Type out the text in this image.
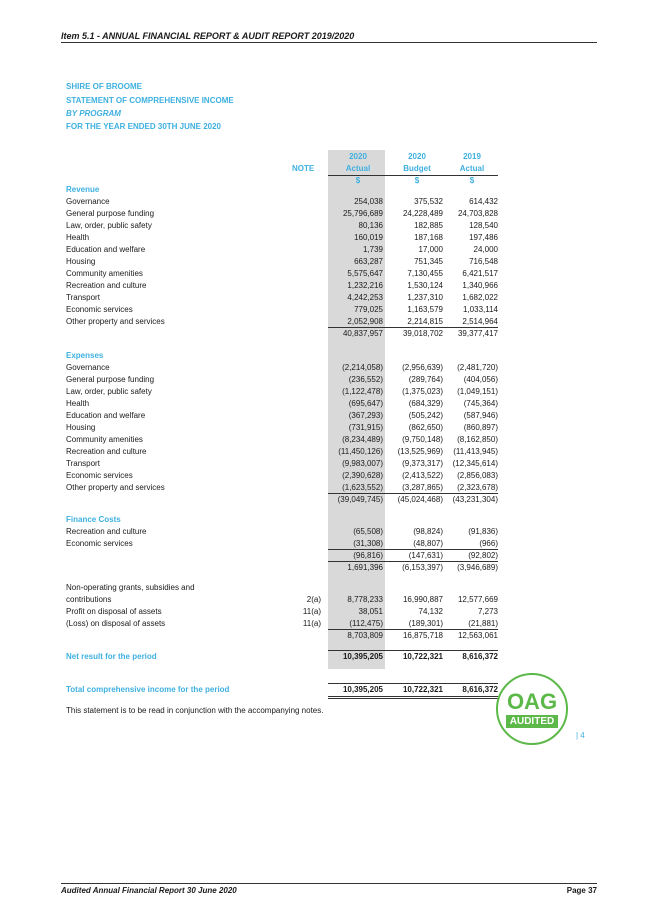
Item 5.1 - ANNUAL FINANCIAL REPORT & AUDIT REPORT 2019/2020
SHIRE OF BROOME
STATEMENT OF COMPREHENSIVE INCOME
BY PROGRAM
FOR THE YEAR ENDED 30TH JUNE 2020
2020	2020	2019
NOTE	Actual	Budget	Actual
$	$	$
Revenue
Governance	254,038	375,532	614,432
General purpose funding	25,796,689 24,228,489 24,703,828
Law, order, public safety	80,136	182,885	128,540
Health	160,019	187,168	197,486
Education and welfare	1,739	17,000	24,000
Housing	663,287	751,345	716,548
Community amenities	5,575,647	7,130,455 6,421,517
Recreation and culture	1,232,216	1,530,124 1,340,966
Transport	4,242,253	1,237,310 1,682,022
Economic services	779,025	1,163,579	1,033,114
Other property and services	2,052,908	2,214,815 2,514,964
40,837,957 39,018,702 39,377,417
Expenses
Governance	(2,214,058) (2,956,639) (2,481,720)
General purpose funding	(236,552)	(289,764)	(404,056)
Law, order, public safety	(1,122,478) (1,375,023) (1,049,151)
Health	(695,647)	(684,329)	(745,364)
Education and welfare	(367,293)	(505,242)	(587,946)
Housing	(731,915)	(862,650)	(860,897)
Community amenities	(8,234,489) (9,750,148) (8,162,850)
Recreation and culture	(11,450,126) (13,525,969) (11,413,945)
Transport	(9,983,007) (9,373,317) (12,345,614)
Economic services	(2,390,628) (2,413,522) (2,856,083)
Other property and services	(1,623,552) (3,287,865) (2,323,678)
(39,049,745) (45,024,468) (43,231,304)
Finance Costs
Recreation and culture	(65,508)	(98,824)	(91,836)
Economic services	(31,308)	(48,807)	(966)
(96,816)	(147,631)	(92,802)
1,691,396 (6,153,397) (3,946,689)
Non-operating grants, subsidies and
contributions	2(a)	8,778,233 16,990,887 12,577,669
Profit on disposal of assets	11(a)	38,051	74,132	7,273
(Loss) on disposal of assets	11(a)	(112,475)	(189,301)	(21,881)
8,703,809 16,875,718 12,563,061
Net result for the period	10,395,205 10,722,321 8,616,372
Total comprehensive income for the period	10,395,205 10,722,321 8,616,372
This statement is to be read in conjunction with the accompanying notes.	OAG
AUDITED
| 4
Audited Annual Financial Report 30 June 2020	Page 37
